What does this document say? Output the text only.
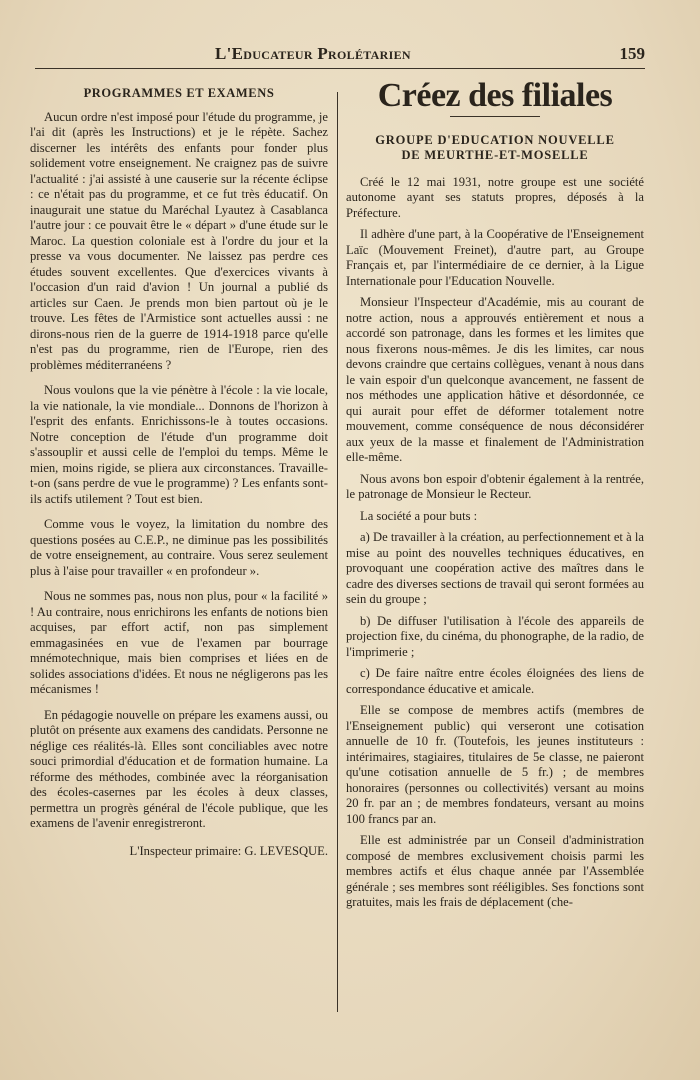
L'Educateur Prolétarien	159
PROGRAMMES ET EXAMENS

Aucun ordre n'est imposé pour l'étude du programme, je l'ai dit (après les Instructions) et je le répète. Sachez discerner les intérêts des enfants pour fonder plus solidement votre enseignement. Ne craignez pas de suivre l'actualité : j'ai assisté à une causerie sur la récente éclipse : ce n'était pas du programme, et ce fut très éducatif. On inaugurait une statue du Maréchal Lyautez à Casablanca l'autre jour : ce pouvait être le « départ » d'une étude sur le Maroc. La question coloniale est à l'ordre du jour et la presse va vous documenter. Ne laissez pas perdre ces études souvent excellentes. Que d'exercices vivants à l'occasion d'un raid d'avion ! Un journal a publié ds articles sur Caen. Je prends mon bien partout où je le trouve. Les fêtes de l'Armistice sont actuelles aussi : ne dirons-nous rien de la guerre de 1914-1918 parce qu'elle n'est pas du programme, rien de l'Europe, rien des problèmes méditerranéens ?

Nous voulons que la vie pénètre à l'école : la vie locale, la vie nationale, la vie mondiale... Donnons de l'horizon à l'esprit des enfants. Enrichissons-le à toutes occasions. Notre conception de l'étude d'un programme doit s'assouplir et aussi celle de l'emploi du temps. Même le mien, moins rigide, se pliera aux circonstances. Travaille-t-on (sans perdre de vue le programme) ? Les enfants sont-ils actifs utilement ? Tout est bien.

Comme vous le voyez, la limitation du nombre des questions posées au C.E.P., ne diminue pas les possibilités de votre enseignement, au contraire. Vous serez seulement plus à l'aise pour travailler « en profondeur ».

Nous ne sommes pas, nous non plus, pour « la facilité » ! Au contraire, nous enrichirons les enfants de notions bien acquises, par effort actif, non pas simplement emmagasinées en vue de l'examen par bourrage mnémotechnique, mais bien comprises et liées en de solides associations d'idées. Et nous ne négligerons pas les mécanismes !

En pédagogie nouvelle on prépare les examens aussi, ou plutôt on présente aux examens des candidats. Personne ne néglige ces réalités-là. Elles sont conciliables avec notre souci primordial d'éducation et de formation humaine. La réforme des méthodes, combinée avec la réorganisation des écoles-casernes par les écoles à deux classes, permettra un progrès général de l'école publique, que les examens de l'avenir enregistreront.

L'Inspecteur primaire: G. LEVESQUE.
Créez des filiales
GROUPE D'EDUCATION NOUVELLE
DE MEURTHE-ET-MOSELLE

Créé le 12 mai 1931, notre groupe est une société autonome ayant ses statuts propres, déposés à la Préfecture.

Il adhère d'une part, à la Coopérative de l'Enseignement Laïc (Mouvement Freinet), d'autre part, au Groupe Français et, par l'intermédiaire de ce dernier, à la Ligue Internationale pour l'Education Nouvelle.

Monsieur l'Inspecteur d'Académie, mis au courant de notre action, nous a approuvés entièrement et nous a accordé son patronage, dans les formes et les limites que nous fixerons nous-mêmes. Je dis les limites, car nous devons craindre que certains collègues, venant à nous dans le vain espoir d'un quelconque avancement, ne fassent de nos méthodes une application hâtive et désordonnée, ce qui aurait pour effet de déformer totalement notre mouvement, comme conséquence de nous déconsidérer aux yeux de la masse et finalement de l'Administration elle-même.

Nous avons bon espoir d'obtenir également à la rentrée, le patronage de Monsieur le Recteur.

La société a pour buts :

a) De travailler à la création, au perfectionnement et à la mise au point des nouvelles techniques éducatives, en provoquant une coopération active des maîtres dans le cadre des diverses sections de travail qui seront formées au sein du groupe ;

b) De diffuser l'utilisation à l'école des appareils de projection fixe, du cinéma, du phonographe, de la radio, de l'imprimerie ;

c) De faire naître entre écoles éloignées des liens de correspondance éducative et amicale.

Elle se compose de membres actifs (membres de l'Enseignement public) qui verseront une cotisation annuelle de 10 fr. (Toutefois, les jeunes instituteurs : intérimaires, stagiaires, titulaires de 5e classe, ne paieront qu'une cotisation annuelle de 5 fr.) ; de membres honoraires (personnes ou collectivités) versant au moins 20 fr. par an ; de membres fondateurs, versant au moins 100 francs par an.

Elle est administrée par un Conseil d'administration composé de membres exclusivement choisis parmi les membres actifs et élus chaque année par l'Assemblée générale ; ses membres sont rééligibles. Ses fonctions sont gratuites, mais les frais de déplacement (che-
